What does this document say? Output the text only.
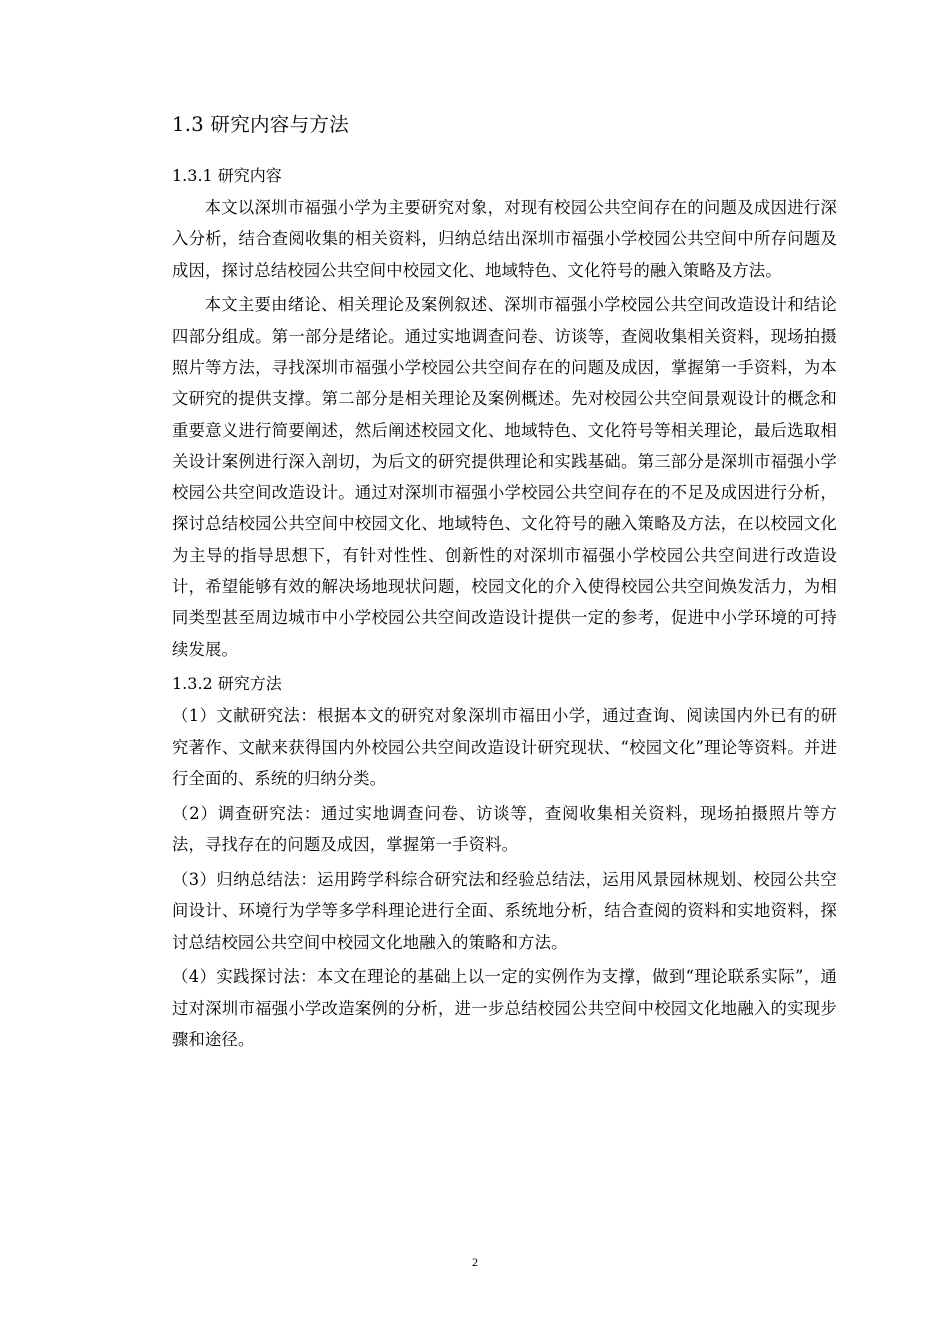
1.3 研究内容与方法
1.3.1 研究内容

本文以深圳市福强小学为主要研究对象，对现有校园公共空间存在的问题及成因进行深入分析，结合查阅收集的相关资料，归纳总结出深圳市福强小学校园公共空间中所存问题及成因，探讨总结校园公共空间中校园文化、地域特色、文化符号的融入策略及方法。

本文主要由绪论、相关理论及案例叙述、深圳市福强小学校园公共空间改造设计和结论四部分组成。第一部分是绪论。通过实地调查问卷、访谈等，查阅收集相关资料，现场拍摄照片等方法，寻找深圳市福强小学校园公共空间存在的问题及成因，掌握第一手资料，为本文研究的提供支撑。第二部分是相关理论及案例概述。先对校园公共空间景观设计的概念和重要意义进行简要阐述，然后阐述校园文化、地域特色、文化符号等相关理论，最后选取相关设计案例进行深入剖切，为后文的研究提供理论和实践基础。第三部分是深圳市福强小学校园公共空间改造设计。通过对深圳市福强小学校园公共空间存在的不足及成因进行分析，探讨总结校园公共空间中校园文化、地域特色、文化符号的融入策略及方法，在以校园文化为主导的指导思想下，有针对性性、创新性的对深圳市福强小学校园公共空间进行改造设计，希望能够有效的解决场地现状问题，校园文化的介入使得校园公共空间焕发活力，为相同类型甚至周边城市中小学校园公共空间改造设计提供一定的参考，促进中小学环境的可持续发展。

1.3.2 研究方法

（1）文献研究法：根据本文的研究对象深圳市福田小学，通过查询、阅读国内外已有的研究著作、文献来获得国内外校园公共空间改造设计研究现状、“校园文化”理论等资料。并进行全面的、系统的归纳分类。

（2）调查研究法：通过实地调查问卷、访谈等，查阅收集相关资料，现场拍摄照片等方法，寻找存在的问题及成因，掌握第一手资料。

（3）归纳总结法：运用跨学科综合研究法和经验总结法，运用风景园林规划、校园公共空间设计、环境行为学等多学科理论进行全面、系统地分析，结合查阅的资料和实地资料，探讨总结校园公共空间中校园文化地融入的策略和方法。

（4）实践探讨法：本文在理论的基础上以一定的实例作为支撑，做到“理论联系实际”，通过对深圳市福强小学改造案例的分析，进一步总结校园公共空间中校园文化地融入的实现步骤和途径。

2
